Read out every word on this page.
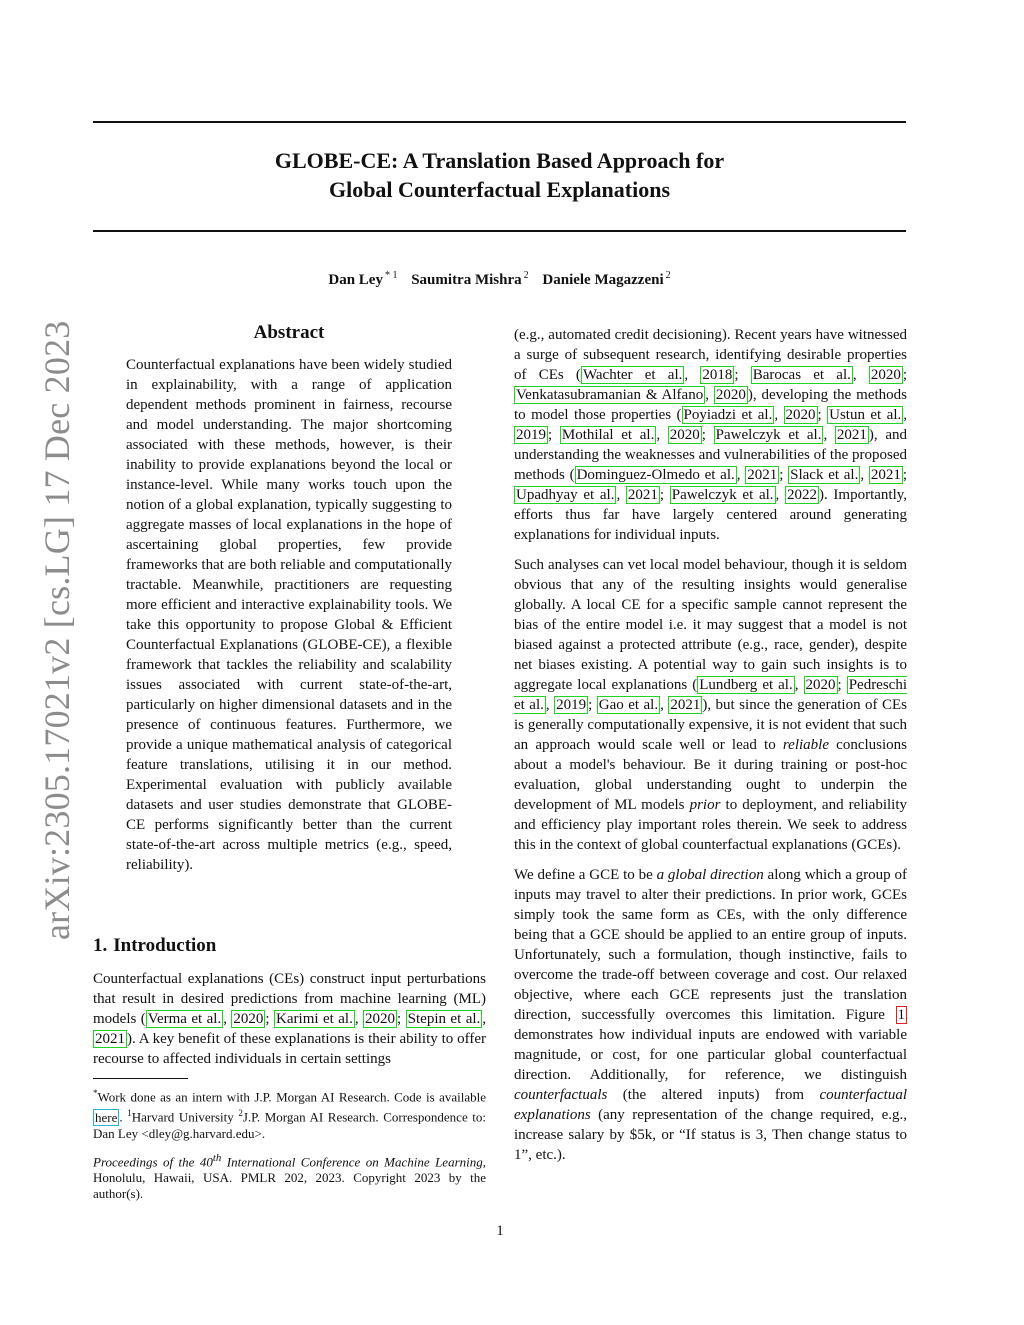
GLOBE-CE: A Translation Based Approach for
Global Counterfactual Explanations
Dan Ley $^{* 1}$ Saumitra Mishra $^2$ Daniele Magazzeni $^2$
arXiv:2305.17021v2 [cs.LG] 17 Dec 2023	Abstract
Counterfactual explanations have been widely studied in explainability, with a range of application dependent methods prominent in fairness, recourse and model understanding. The major shortcoming associated with these methods, however, is their inability to provide explanations beyond the local or instance-level. While many works touch upon the notion of a global explanation, typically suggesting to aggregate masses of local explanations in the hope of ascertaining global properties, few provide frameworks that are both reliable and computationally tractable. Meanwhile, practitioners are requesting more efficient and interactive explainability tools. We take this opportunity to propose Global & Efficient Counterfactual Explanations (GLOBE-CE), a flexible framework that tackles the reliability and scalability issues associated with current state-of-the-art, particularly on higher dimensional datasets and in the presence of continuous features. Furthermore, we provide a unique mathematical analysis of categorical feature translations, utilising it in our method. Experimental evaluation with publicly available datasets and user studies demonstrate that GLOBE-CE performs significantly better than the current state-of-the-art across multiple metrics (e.g., speed, reliability).
1. Introduction
Counterfactual explanations (CEs) construct input perturbations that result in desired predictions from machine learning (ML) models ( Verma et al. , 2020 ; Karimi et al. , 2020 ; Stepin et al. , 2021 ). A key benefit of these explanations is their ability to offer recourse to affected individuals in certain settings
*Work done as an intern with J.P. Morgan AI Research. Code is available here . $^1$Harvard University $^2$J.P. Morgan AI Research. Correspondence to: Dan Ley <dley@g.harvard.edu>.
Proceedings of the 40th International Conference on Machine Learning, Honolulu, Hawaii, USA. PMLR 202, 2023. Copyright 2023 by the author(s).

(e.g., automated credit decisioning). Recent years have witnessed a surge of subsequent research, identifying desirable properties of CEs ( Wachter et al. , 2018 ; Barocas et al. , 2020 ; Venkatasubramanian & Alfano , 2020 ), developing the methods to model those properties ( Poyiadzi et al. , 2020 ; Ustun et al. , 2019 ; Mothilal et al. , 2020 ; Pawelczyk et al. , 2021 ), and understanding the weaknesses and vulnerabilities of the proposed methods ( Dominguez-Olmedo et al. , 2021 ; Slack et al. , 2021 ; Upadhyay et al. , 2021 ; Pawelczyk et al. , 2022 ). Importantly, efforts thus far have largely centered around generating explanations for individual inputs.

Such analyses can vet local model behaviour, though it is seldom obvious that any of the resulting insights would generalise globally. A local CE for a specific sample cannot represent the bias of the entire model i.e. it may suggest that a model is not biased against a protected attribute (e.g., race, gender), despite net biases existing. A potential way to gain such insights is to aggregate local explanations ( Lundberg et al. , 2020 ; Pedreschi et al. , 2019 ; Gao et al. , 2021 ), but since the generation of CEs is generally computationally expensive, it is not evident that such an approach would scale well or lead to reliable conclusions about a model's behaviour. Be it during training or post-hoc evaluation, global understanding ought to underpin the development of ML models prior to deployment, and reliability and efficiency play important roles therein. We seek to address this in the context of global counterfactual explanations (GCEs).

We define a GCE to be a global direction along which a group of inputs may travel to alter their predictions. In prior work, GCEs simply took the same form as CEs, with the only difference being that a GCE should be applied to an entire group of inputs. Unfortunately, such a formulation, though instinctive, fails to overcome the trade-off between coverage and cost. Our relaxed objective, where each GCE represents just the translation direction, successfully overcomes this limitation. Figure 1 demonstrates how individual inputs are endowed with variable magnitude, or cost, for one particular global counterfactual direction. Additionally, for reference, we distinguish counterfactuals (the altered inputs) from counterfactual explanations (any representation of the change required, e.g., increase salary by $5k, or “If status is 3, Then change status to 1”, etc.).

1
